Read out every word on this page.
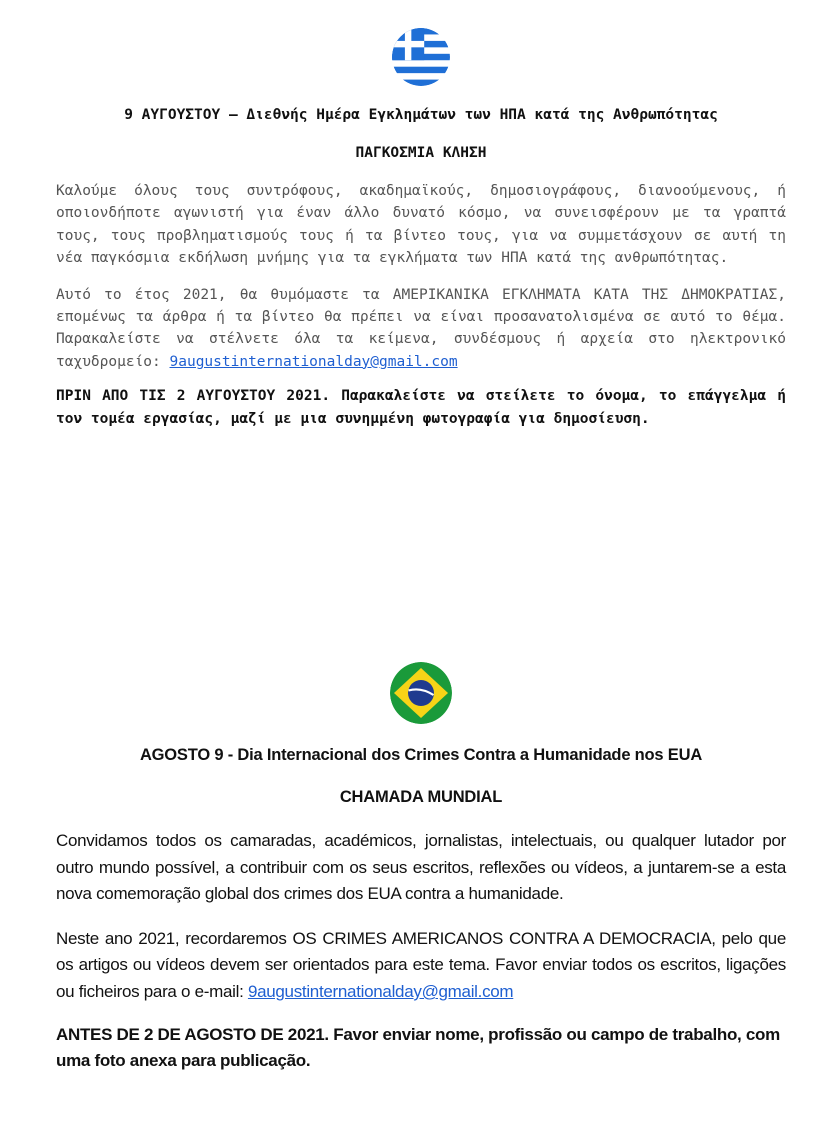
9 ΑΥΓΟΥΣΤΟΥ – Διεθνής Ημέρα Εγκλημάτων των ΗΠΑ κατά της Ανθρωπότητας
ΠΑΓΚΟΣΜΙΑ ΚΛΗΣΗ

Καλούμε όλους τους συντρόφους, ακαδημαϊκούς, δημοσιογράφους, διανοούμενους, ή οποιονδήποτε αγωνιστή για έναν άλλο δυνατό κόσμο, να συνεισφέρουν με τα γραπτά τους, τους προβληματισμούς τους ή τα βίντεο τους, για να συμμετάσχουν σε αυτή τη νέα παγκόσμια εκδήλωση μνήμης για τα εγκλήματα των ΗΠΑ κατά της ανθρωπότητας.

Αυτό το έτος 2021, θα θυμόμαστε τα ΑΜΕΡΙΚΑΝΙΚΑ ΕΓΚΛΗΜΑΤΑ ΚΑΤΑ ΤΗΣ ΔΗΜΟΚΡΑΤΙΑΣ, επομένως τα άρθρα ή τα βίντεο θα πρέπει να είναι προσανατολισμένα σε αυτό το θέμα. Παρακαλείστε να στέλνετε όλα τα κείμενα, συνδέσμους ή αρχεία στο ηλεκτρονικό ταχυδρομείο: 9augustinternationalday@gmail.com

ΠΡΙΝ ΑΠΟ ΤΙΣ 2 ΑΥΓΟΥΣΤΟΥ 2021. Παρακαλείστε να στείλετε το όνομα, το επάγγελμα ή τον τομέα εργασίας, μαζί με μια συνημμένη φωτογραφία για δημοσίευση.

AGOSTO 9 - Dia Internacional dos Crimes Contra a Humanidade nos EUA
CHAMADA MUNDIAL

Convidamos todos os camaradas, académicos, jornalistas, intelectuais, ou qualquer lutador por outro mundo possível, a contribuir com os seus escritos, reflexões ou vídeos, a juntarem-se a esta nova comemoração global dos crimes dos EUA contra a humanidade.

Neste ano 2021, recordaremos OS CRIMES AMERICANOS CONTRA A DEMOCRACIA, pelo que os artigos ou vídeos devem ser orientados para este tema. Favor enviar todos os escritos, ligações ou ficheiros para o e-mail: 9augustinternationalday@gmail.com

ANTES DE 2 DE AGOSTO DE 2021. Favor enviar nome, profissão ou campo de trabalho, com uma foto anexa para publicação.
